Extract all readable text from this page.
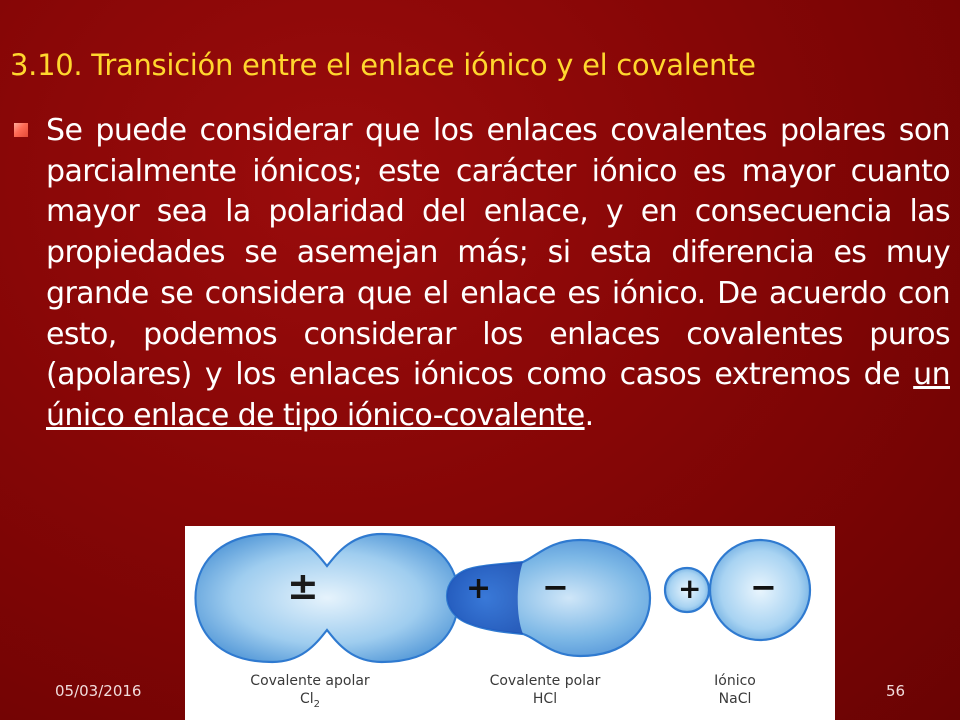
3.10. Transición entre el enlace iónico y el covalente
Se puede considerar que los enlaces covalentes polares son parcialmente iónicos; este carácter iónico es mayor cuanto mayor sea la polaridad del enlace, y en consecuencia las propiedades se asemejan más; si esta diferencia es muy grande se considera que el enlace es iónico. De acuerdo con esto, podemos considerar los enlaces covalentes puros (apolares) y los enlaces iónicos como casos extremos de un único enlace de tipo iónico-covalente.
±	+ −	+ −
Covalente apolar
$Cl_2$
Covalente polar
HCl
Iónico
NaCl
05/03/2016	56
